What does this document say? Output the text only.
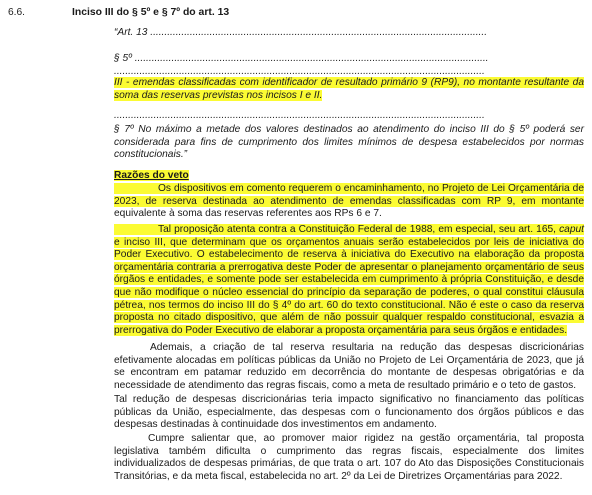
6.6.	Inciso III do § 5º e § 7º do art. 13
“Art. 13 .......................................................................................................................
§ 5º .............................................................................................................................
...................................................................................................................................
III - emendas classificadas com identificador de resultado primário 9 (RP9), no montante resultante da soma das reservas previstas nos incisos I e II.
...................................................................................................................................
§ 7º No máximo a metade dos valores destinados ao atendimento do inciso III do § 5º poderá ser considerada para fins de cumprimento dos limites mínimos de despesa estabelecidos por normas constitucionais.”
Razões do veto
Os dispositivos em comento requerem o encaminhamento, no Projeto de Lei Orçamentária de 2023, de reserva destinada ao atendimento de emendas classificadas com RP 9, em montante equivalente à soma das reservas referentes aos RPs 6 e 7.
Tal proposição atenta contra a Constituição Federal de 1988, em especial, seu art. 165, caput e inciso III, que determinam que os orçamentos anuais serão estabelecidos por leis de iniciativa do Poder Executivo. O estabelecimento de reserva à iniciativa do Executivo na elaboração da proposta orçamentária contraria a prerrogativa deste Poder de apresentar o planejamento orçamentário de seus órgãos e entidades, e somente pode ser estabelecida em cumprimento à própria Constituição, e desde que não modifique o núcleo essencial do princípio da separação de poderes, o qual constitui cláusula pétrea, nos termos do inciso III do § 4º do art. 60 do texto constitucional. Não é este o caso da reserva proposta no citado dispositivo, que além de não possuir qualquer respaldo constitucional, esvazia a prerrogativa do Poder Executivo de elaborar a proposta orçamentária para seus órgãos e entidades.
Ademais, a criação de tal reserva resultaria na redução das despesas discricionárias efetivamente alocadas em políticas públicas da União no Projeto de Lei Orçamentária de 2023, que já se encontram em patamar reduzido em decorrência do montante de despesas obrigatórias e da necessidade de atendimento das regras fiscais, como a meta de resultado primário e o teto de gastos.
Tal redução de despesas discricionárias teria impacto significativo no financiamento das políticas públicas da União, especialmente, das despesas com o funcionamento dos órgãos públicos e das despesas destinadas à continuidade dos investimentos em andamento.
Cumpre salientar que, ao promover maior rigidez na gestão orçamentária, tal proposta legislativa também dificulta o cumprimento das regras fiscais, especialmente dos limites individualizados de despesas primárias, de que trata o art. 107 do Ato das Disposições Constitucionais Transitórias, e da meta fiscal, estabelecida no art. 2º da Lei de Diretrizes Orçamentárias para 2022.
